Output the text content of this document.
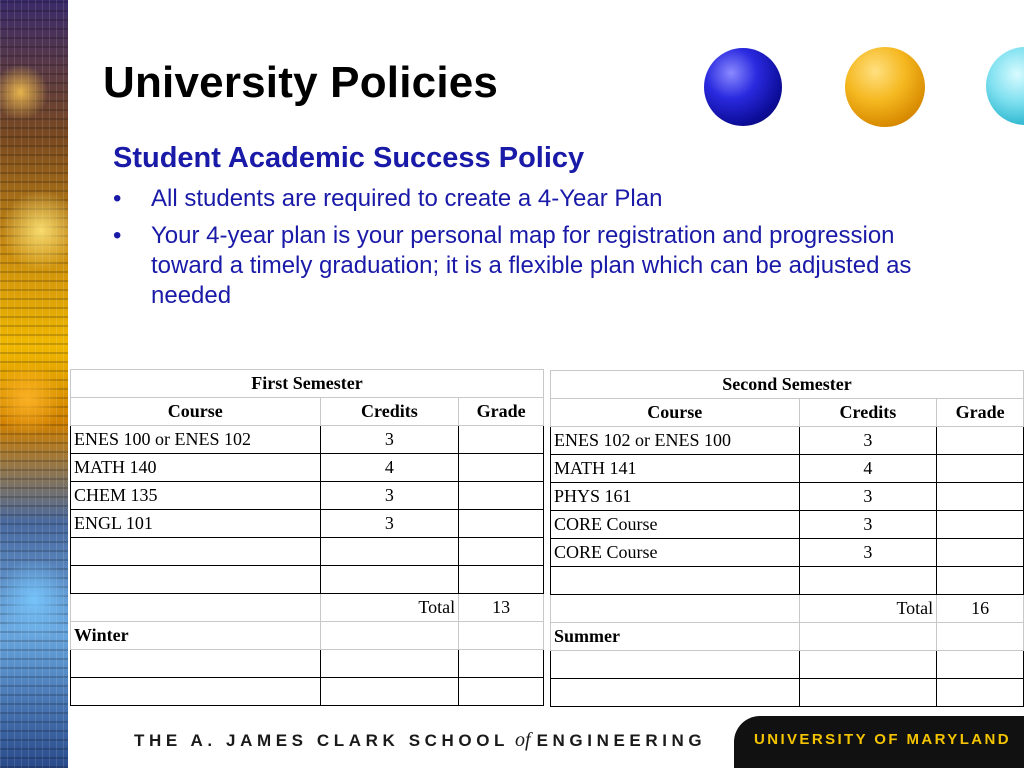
University Policies
Student Academic Success Policy
• All students are required to create a 4-Year Plan
• Your 4-year plan is your personal map for registration and progression toward a timely graduation; it is a flexible plan which can be adjusted as needed
First Semester		
Course	Credits	Grade
ENES 100 or ENES 102	3	
MATH 140	4	
CHEM 135	3	
ENGL 101	3	

	Total	13
Winter		

Second Semester		
Course	Credits	Grade
ENES 102 or ENES 100	3	
MATH 141	4	
PHYS 161	3	
CORE Course	3	
CORE Course	3	

	Total	16
Summer		

THE A. JAMES CLARK SCHOOL of ENGINEERING	UNIVERSITY OF MARYLAND
